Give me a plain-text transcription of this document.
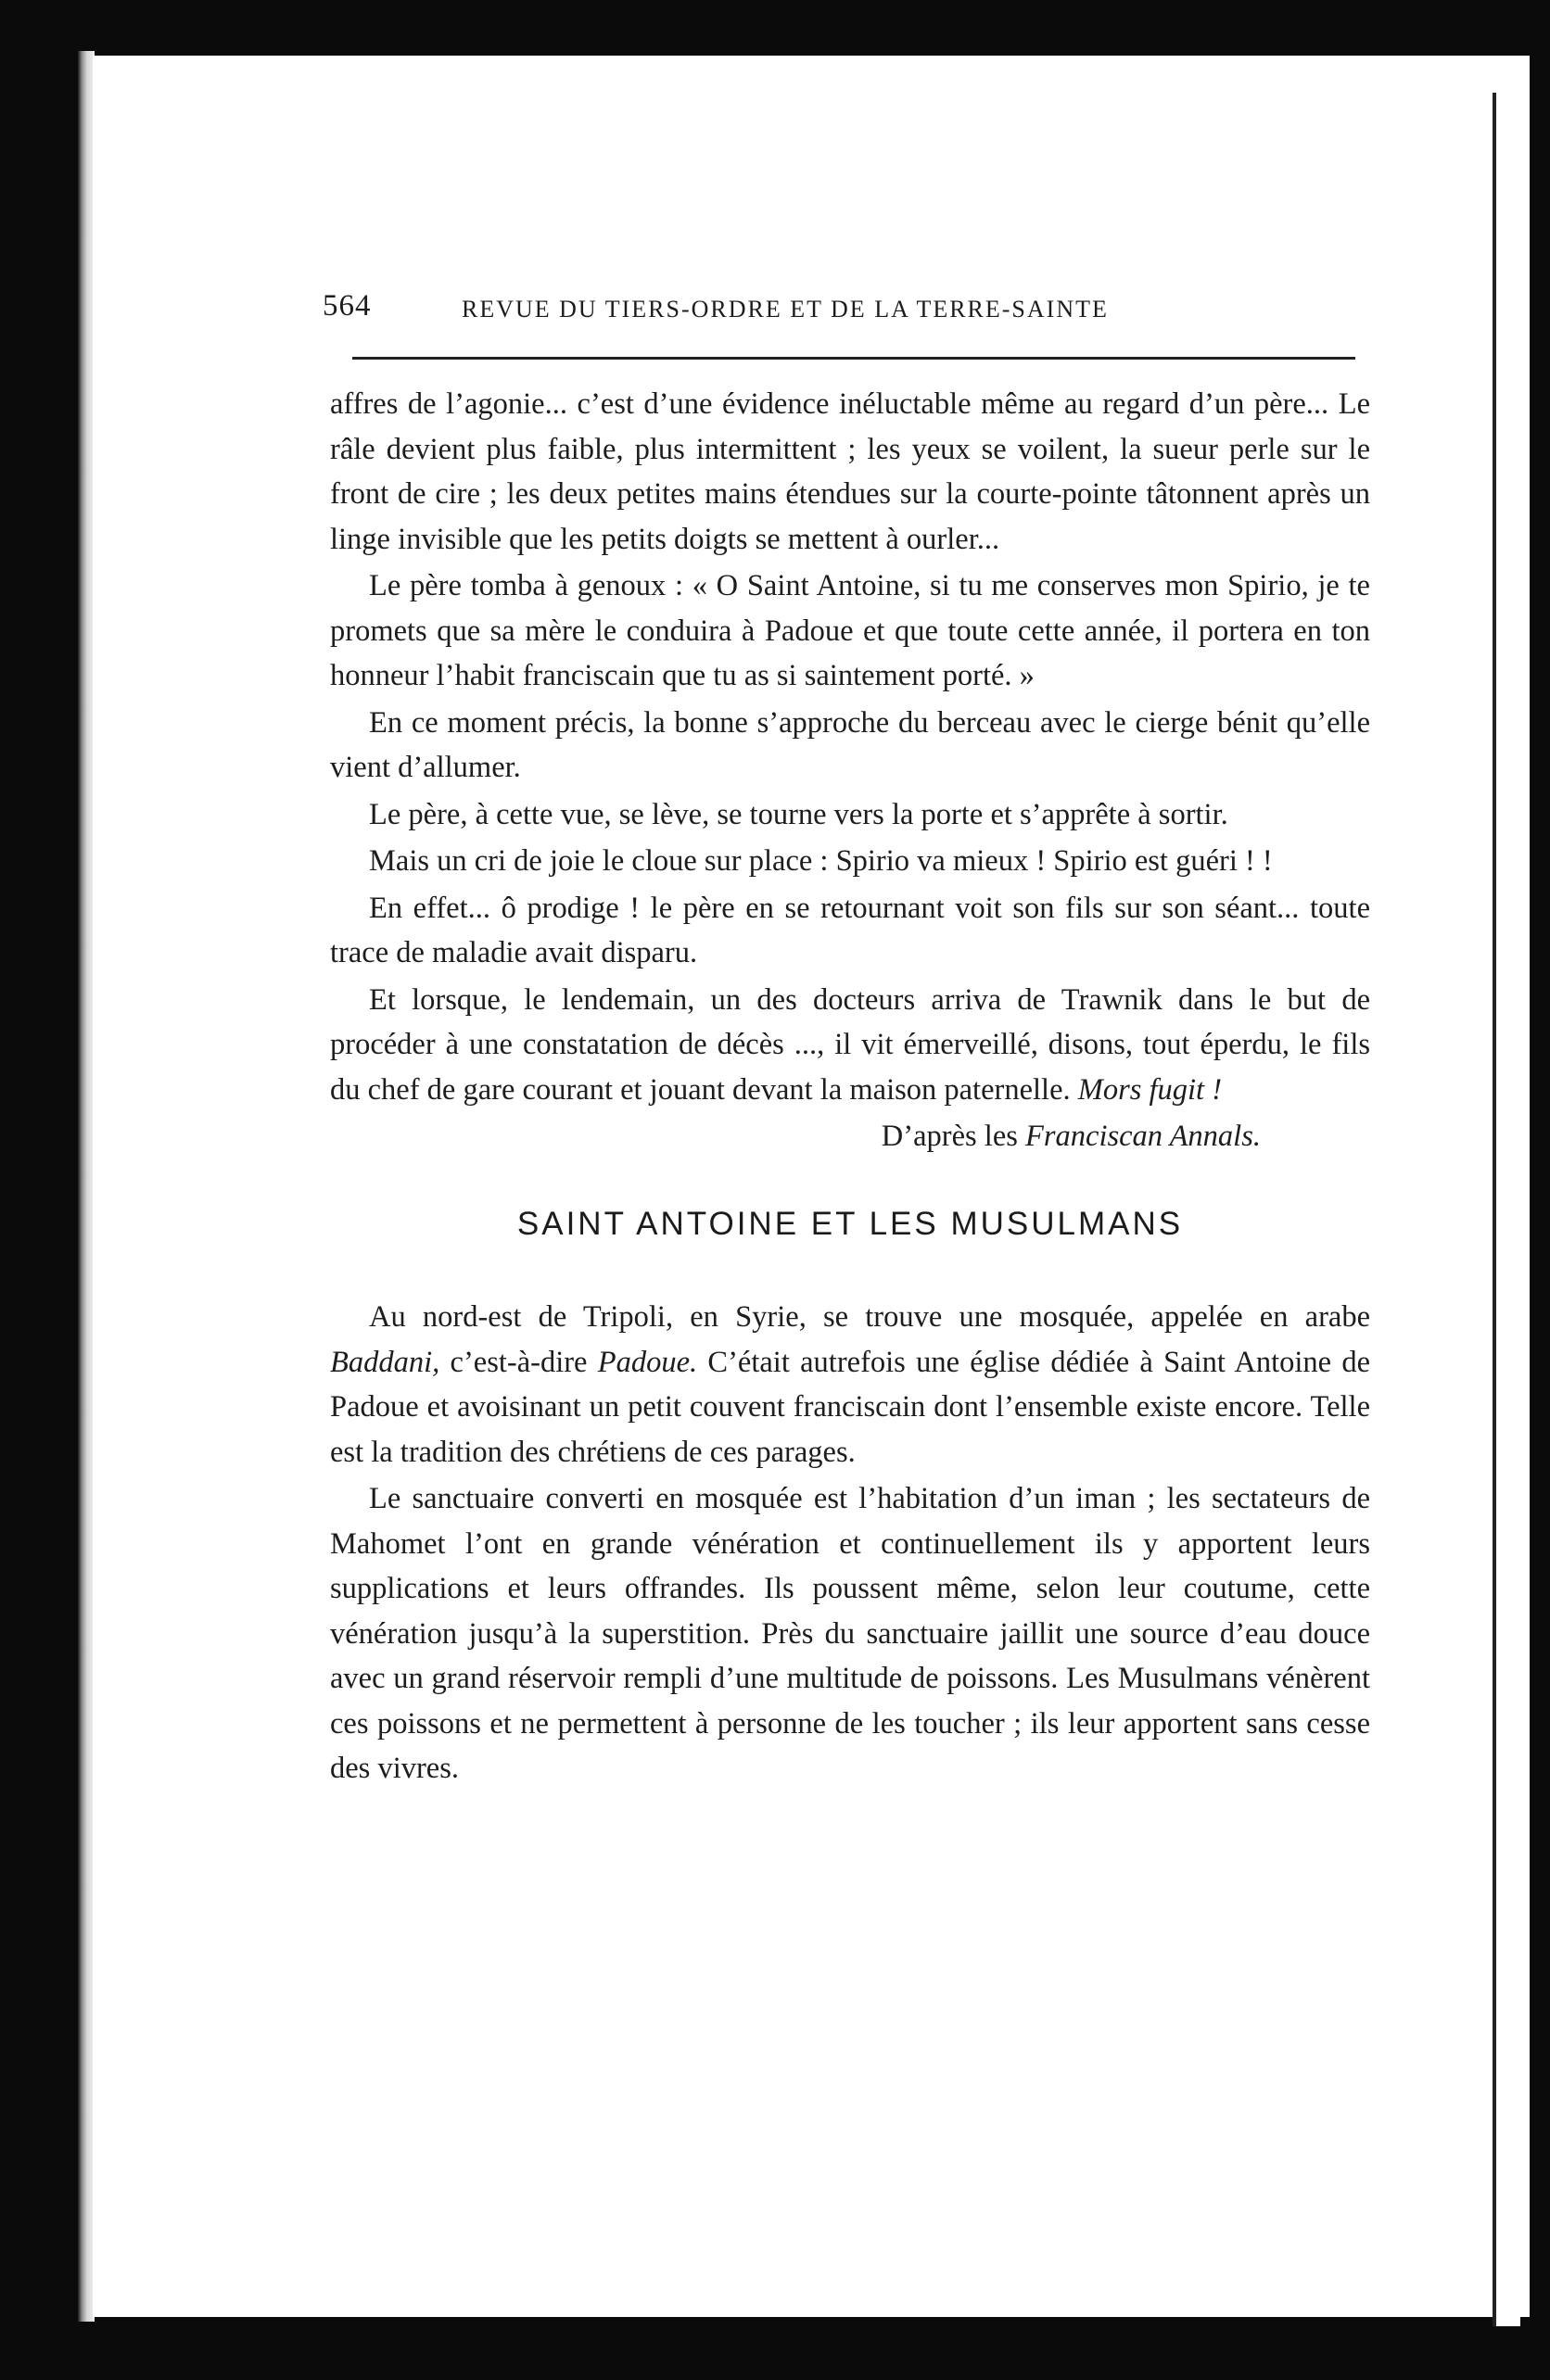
564	REVUE DU TIERS-ORDRE ET DE LA TERRE-SAINTE

affres de l’agonie... c’est d’une évidence inéluctable même au regard d’un père... Le râle devient plus faible, plus intermittent ; les yeux se voilent, la sueur perle sur le front de cire ; les deux petites mains étendues sur la courte-pointe tâtonnent après un linge invisible que les petits doigts se mettent à ourler...

Le père tomba à genoux : « O Saint Antoine, si tu me conserves mon Spirio, je te promets que sa mère le conduira à Padoue et que toute cette année, il portera en ton honneur l’habit franciscain que tu as si saintement porté. »

En ce moment précis, la bonne s’approche du berceau avec le cierge bénit qu’elle vient d’allumer.

Le père, à cette vue, se lève, se tourne vers la porte et s’apprête à sortir.

Mais un cri de joie le cloue sur place : Spirio va mieux ! Spirio est guéri ! !

En effet... ô prodige ! le père en se retournant voit son fils sur son séant... toute trace de maladie avait disparu.

Et lorsque, le lendemain, un des docteurs arriva de Trawnik dans le but de procéder à une constatation de décès ..., il vit émerveillé, disons, tout éperdu, le fils du chef de gare courant et jouant devant la maison paternelle. Mors fugit !

D’après les Franciscan Annals.

SAINT ANTOINE ET LES MUSULMANS

Au nord-est de Tripoli, en Syrie, se trouve une mosquée, appelée en arabe Baddani, c’est-à-dire Padoue. C’était autrefois une église dédiée à Saint Antoine de Padoue et avoisinant un petit couvent franciscain dont l’ensemble existe encore. Telle est la tradition des chrétiens de ces parages.

Le sanctuaire converti en mosquée est l’habitation d’un iman ; les sectateurs de Mahomet l’ont en grande vénération et continuellement ils y apportent leurs supplications et leurs offrandes. Ils poussent même, selon leur coutume, cette vénération jusqu’à la superstition. Près du sanctuaire jaillit une source d’eau douce avec un grand réservoir rempli d’une multitude de poissons. Les Musulmans vénèrent ces poissons et ne permettent à personne de les toucher ; ils leur apportent sans cesse des vivres.
